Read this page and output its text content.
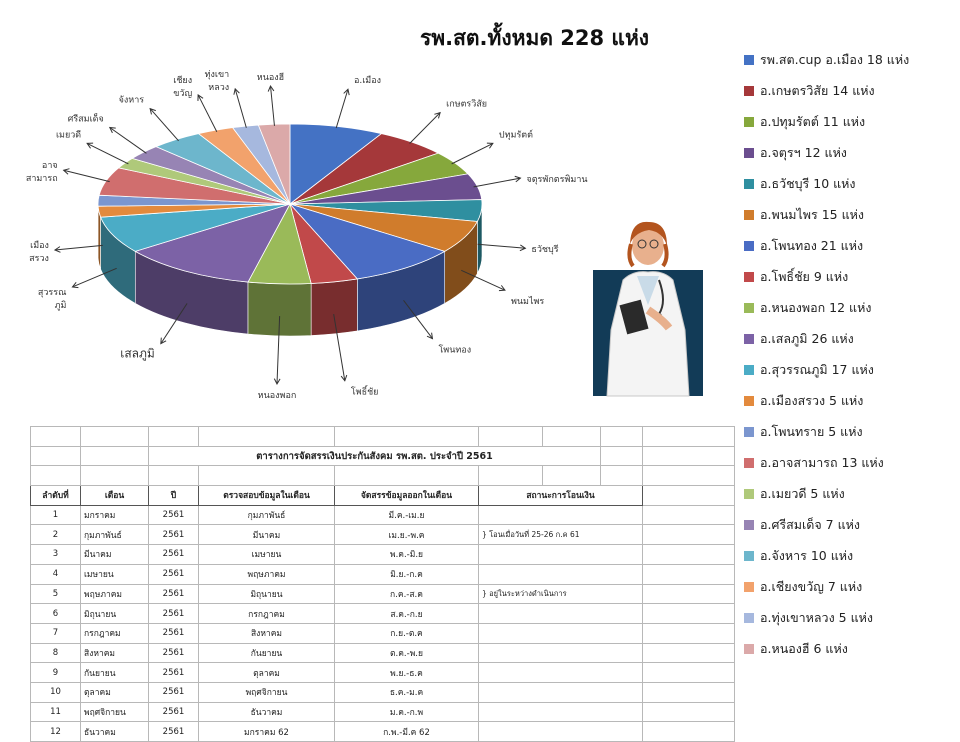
รพ.สต.ทั้งหมด 228 แห่ง
อ.เมือง
เกษตรวิสัย
ปทุมรัตต์
จตุรพักตรพิมาน
ธวัชบุรี
พนมไพร
โพนทอง
โพธิ์ชัย
หนองพอก
เสลภูมิ
สุวรรณภูมิ
เมืองสรวง
อาจสามารถ
เมยวดี
ศรีสมเด็จ
จังหาร
เชียงขวัญ
ทุ่งเขาหลวง
หนองฮี
รพ.สต.cup อ.เมือง 18 แห่ง
อ.เกษตรวิสัย 14 แห่ง
อ.ปทุมรัตต์ 11 แห่ง
อ.จตุรฯ 12 แห่ง
อ.ธวัชบุรี 10 แห่ง
อ.พนมไพร 15 แห่ง
อ.โพนทอง 21 แห่ง
อ.โพธิ์ชัย 9 แห่ง
อ.หนองพอก 12 แห่ง
อ.เสลภูมิ 26 แห่ง
อ.สุวรรณภูมิ 17 แห่ง
อ.เมืองสรวง 5 แห่ง
อ.โพนทราย 5 แห่ง
อ.อาจสามารถ 13 แห่ง
อ.เมยวดี 5 แห่ง
อ.ศรีสมเด็จ 7 แห่ง
อ.จังหาร 10 แห่ง
อ.เชียงขวัญ 7 แห่ง
อ.ทุ่งเขาหลวง 5 แห่ง
อ.หนองฮี 6 แห่ง

		ตารางการจัดสรรเงินประกันสังคม รพ.สต. ประจำปี 2561						

ลำดับที่	เดือน	ปี	ตรวจสอบข้อมูลในเดือน	จัดสรรข้อมูลออกในเดือน	สถานะการโอนเงิน			
1	มกราคม	2561	กุมภาพันธ์	มี.ค.-เม.ย				
2	กุมภาพันธ์	2561	มีนาคม	เม.ย.-พ.ค	} โอนเมื่อวันที่ 25-26 ก.ค 61			
3	มีนาคม	2561	เมษายน	พ.ค.-มิ.ย				
4	เมษายน	2561	พฤษภาคม	มิ.ย.-ก.ค				
5	พฤษภาคม	2561	มิถุนายน	ก.ค.-ส.ค	} อยู่ในระหว่างดำเนินการ			
6	มิถุนายน	2561	กรกฎาคม	ส.ค.-ก.ย				
7	กรกฎาคม	2561	สิงหาคม	ก.ย.-ต.ค				
8	สิงหาคม	2561	กันยายน	ต.ค.-พ.ย				
9	กันยายน	2561	ตุลาคม	พ.ย.-ธ.ค				
10	ตุลาคม	2561	พฤศจิกายน	ธ.ค.-ม.ค				
11	พฤศจิกายน	2561	ธันวาคม	ม.ค.-ก.พ				
12	ธันวาคม	2561	มกราคม 62	ก.พ.-มี.ค 62				
